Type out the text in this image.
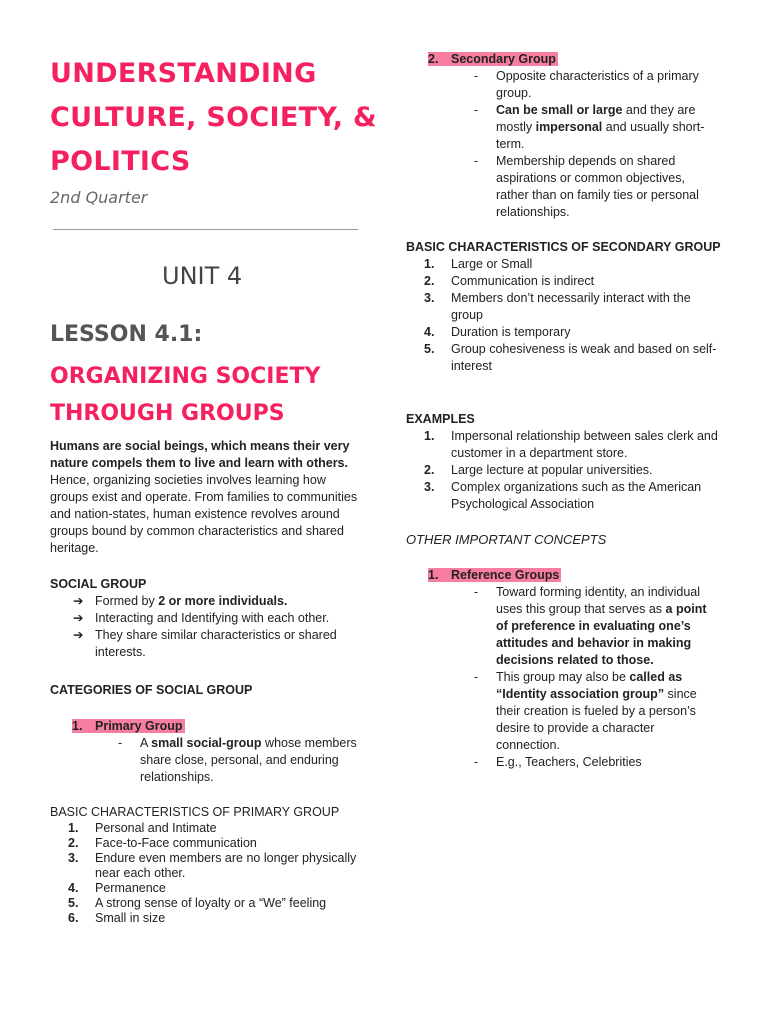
UNDERSTANDING CULTURE, SOCIETY, & POLITICS
2nd Quarter
UNIT 4
LESSON 4.1:
ORGANIZING SOCIETY THROUGH GROUPS

Humans are social beings, which means their very nature compels them to live and learn with others. Hence, organizing societies involves learning how groups exist and operate. From families to communities and nation-states, human existence revolves around groups bound by common characteristics and shared heritage.

SOCIAL GROUP

➔ Formed by 2 or more individuals.
➔ Interacting and Identifying with each other.
➔ They share similar characteristics or shared interests.

CATEGORIES OF SOCIAL GROUP

1. Primary Group

- A small social-group whose members share close, personal, and enduring relationships.

BASIC CHARACTERISTICS OF PRIMARY GROUP

1. Personal and Intimate
2. Face-to-Face communication
3. Endure even members are no longer physically near each other.
4. Permanence
5. A strong sense of loyalty or a “We” feeling
6. Small in size

2. Secondary Group

- Opposite characteristics of a primary group.
- Can be small or large and they are mostly impersonal and usually short-term.
- Membership depends on shared aspirations or common objectives, rather than on family ties or personal relationships.

BASIC CHARACTERISTICS OF SECONDARY GROUP

1. Large or Small
2. Communication is indirect
3. Members don’t necessarily interact with the group
4. Duration is temporary
5. Group cohesiveness is weak and based on self-interest

EXAMPLES

1. Impersonal relationship between sales clerk and customer in a department store.
2. Large lecture at popular universities.
3. Complex organizations such as the American Psychological Association

OTHER IMPORTANT CONCEPTS

1. Reference Groups

- Toward forming identity, an individual uses this group that serves as a point of preference in evaluating one’s attitudes and behavior in making decisions related to those.
- This group may also be called as “Identity association group” since their creation is fueled by a person’s desire to provide a character connection.
- E.g., Teachers, Celebrities
